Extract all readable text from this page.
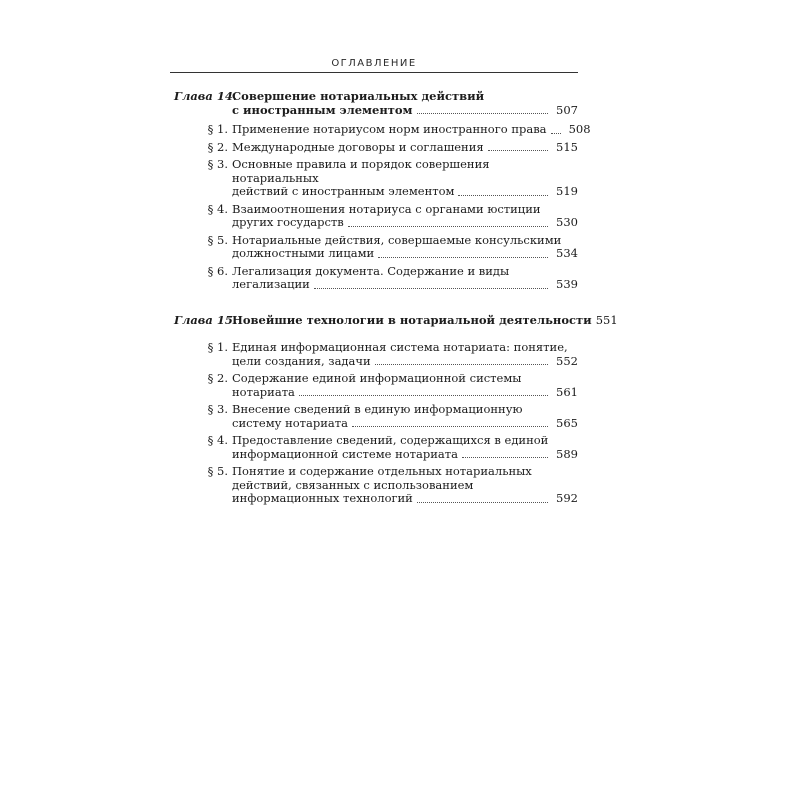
ОГЛАВЛЕНИЕ
Глава 14.
Совершение нотариальных действий
с иностранным элементом	507
§ 1. Применение нотариусом норм иностранного права	508
§ 2. Международные договоры и соглашения	515
§ 3. Основные правила и порядок совершения нотариальных
действий с иностранным элементом	519
§ 4. Взаимоотношения нотариуса с органами юстиции
других государств	530
§ 5. Нотариальные действия, совершаемые консульскими
должностными лицами	534
§ 6. Легализация документа. Содержание и виды
легализации	539
Глава 15.
Новейшие технологии в нотариальной деятельности 551
§ 1. Единая информационная система нотариата: понятие,
цели создания, задачи	552
§ 2. Содержание единой информационной системы
нотариата	561
§ 3. Внесение сведений в единую информационную
систему нотариата	565
§ 4. Предоставление сведений, содержащихся в единой
информационной системе нотариата	589
§ 5. Понятие и содержание отдельных нотариальных
действий, связанных с использованием
информационных технологий	592
